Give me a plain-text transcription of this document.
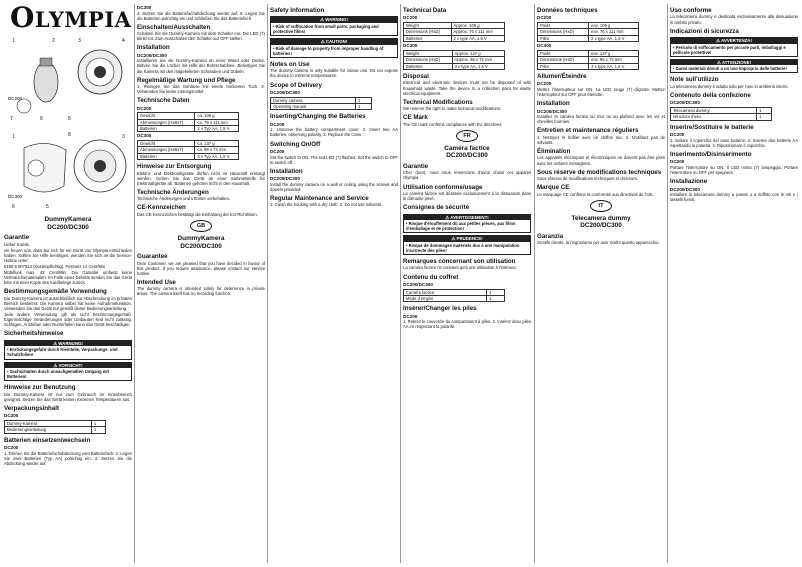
OLYMPIA
1	2	3	4
5
6
7
DC200
1	8	3
6	5
DC300
DummyKamera
DC200/DC300
Garantie

Lieber Kunde,

wir freuen uns, dass Sie sich für ein Gerät von Olympia entschieden haben. Sollten Sie Hilfe benötigen, wenden Sie sich an die Service-Hotline unter:

0180 5 007514 (Kostenpflichtig). Festnetz 14 Cent/Min.

Mobilfunk max. 42 Cent/Min. Die Garantie umfasst keine Verbrauchsmaterialien. Im Falle eines Defekts senden Sie das Gerät bitte mit einer Kopie des Kaufbelegs zurück.

Bestimmungsgemäße Verwendung

Die Dummy-Kamera ist ausschließlich zur Abschreckung im privaten Bereich bestimmt. Die Kamera selbst hat keine Aufnahmefunktion. Verwenden Sie das Gerät nur gemäß dieser Bedienungsanleitung.

Jede andere Verwendung gilt als nicht bestimmungsgemäß. Eigenmächtige Veränderungen oder Umbauten sind nicht zulässig. Schlagen, Anstoßen oder Runterfallen kann das Gerät beschädigen.

Sicherheitshinweise
⚠ WARNUNG!
• Erstickungsgefahr durch Kleinteile, Verpackungs- und Schutzfolien!
⚠ VORSICHT!
• Sachschäden durch unsachgemäßen Umgang mit Batterien!
Hinweise zur Benutzung

Die Dummy-Kamera ist nur zum Gebrauch im Innenbereich geeignet. Setzen Sie das Gerät keinen extremen Temperaturen aus.

Verpackungsinhalt
DC200
Dummy-Kamera	1
Bedienungsanleitung	1
Batterien einsetzen/wechseln
DC200

1. Drehen Sie die Batteriefachabdeckung vom Batteriefach. 2. Legen Sie zwei Batterien (Typ AA) polrichtig ein. 3. Setzen Sie die Abdeckung wieder auf.

DC300

4. Setzen Sie die Batteriefachabdeckung wieder auf. 5. Legen Sie die Batterien polrichtig ein und schließen Sie das Batteriefach.

Einschalten/Ausschalten

Schalten Sie die Dummy-Kamera mit dem Schalter ein. Die LED (7) blinkt rot. Zum Ausschalten den Schalter auf OFF stellen.

Installation
DC200/DC300

Installieren Sie die Dummy-Kamera an einer Wand oder Decke. Bohren Sie die Löcher mit Hilfe der Bohrschablone. Befestigen Sie die Kamera mit den mitgelieferten Schrauben und Dübeln.

Regelmäßige Wartung und Pflege

1. Reinigen Sie das Gehäuse mit einem trockenen Tuch. 2. Verwenden Sie keine Lösungsmittel.

Technische Daten
DC200
Gewicht	ca. 109 g
Abmessungen (HxBxT)	ca. 76 x 111 mm
Batterien	2 x Typ AA, 1,5 V
DC300
Gewicht	ca. 137 g
Abmessungen (HxBxT)	ca. 96 x 72 mm
Batterien	3 x Typ AA, 1,5 V
Hinweise zur Entsorgung

Elektro- und Elektronikgeräte dürfen nicht im Hausmüll entsorgt werden. Geben Sie das Gerät an einer Sammelstelle für Elektroaltgeräte ab. Batterien gehören nicht in den Hausmüll.

Technische Änderungen

Technische Änderungen und Irrtümer vorbehalten.

CE-Kennzeichen

Das CE-Kennzeichen bestätigt die Einhaltung der EU-Richtlinien.

GB
DummyKamera
DC200/DC300
Guarantee

Dear Customer, we are pleased that you have decided in favour of this product. If you require assistance, please contact our service hotline.

Intended Use

The dummy camera is intended solely for deterrence in private areas. The camera itself has no recording function.

Safety Information
⚠ WARNING!
• Risk of suffocation from small parts, packaging and protective films!
⚠ CAUTION!
• Risk of damage to property from improper handling of batteries!
Notes on Use

The dummy camera is only suitable for indoor use. Do not expose the device to extreme temperatures.

Scope of Delivery
DC200/DC300
Dummy camera	1
Operating manual	1
Inserting/Changing the Batteries
DC200

1. Unscrew the battery compartment cover. 2. Insert two AA batteries, observing polarity. 3. Replace the cover.

Switching On/Off
DC200

Set the switch to ON. The red LED (7) flashes. Set the switch to OFF to switch off.

Installation
DC200/DC300

Install the dummy camera on a wall or ceiling using the screws and dowels provided.

Regular Maintenance and Service

1. Clean the housing with a dry cloth. 2. Do not use solvents.

Technical Data
DC200
Weight	Approx. 109 g
Dimensions (HxD)	Approx. 76 x 111 mm
Batteries	2 x type AA, 1.5 V
DC300
Weight	Approx. 137 g
Dimensions (HxD)	Approx. 96 x 72 mm
Batteries	3 x type AA, 1.5 V
Disposal

Electrical and electronic devices must not be disposed of with household waste. Take the device to a collection point for waste electrical equipment.

Technical Modifications

We reserve the right to make technical modifications.

CE Mark

The CE mark confirms compliance with EU directives.

FR
Caméra factice
DC200/DC300
Garantie

Cher client, nous vous remercions d'avoir choisi cet appareil Olympia.

Utilisation conforme/usage

La caméra factice est destinée exclusivement à la dissuasion dans le domaine privé.

Consignes de sécurité
⚠ AVERTISSEMENT!
• Risque d'étouffement dû aux petites pièces, aux films d'emballage et de protection!
⚠ PRUDENCE!
• Risque de dommages matériels dus à une manipulation incorrecte des piles!
Remarques concernant son utilisation

La caméra factice ne convient qu'à une utilisation à l'intérieur.

Contenu du coffret
DC200/DC300
Caméra factice	1
Mode d'emploi	1
Insérer/Changer les piles
DC200

1. Retirez le couvercle du compartiment à piles. 2. Insérez deux piles AA en respectant la polarité.

Données techniques
DC200
Poids	env. 109 g
Dimensions (HxD)	env. 76 x 111 mm
Piles	2 x type AA, 1,5 V
DC300
Poids	env. 137 g
Dimensions (HxD)	env. 96 x 72 mm
Piles	3 x type AA, 1,5 V
Allumer/Éteindre
DC200

Mettez l'interrupteur sur ON. La LED rouge (7) clignote. Mettez l'interrupteur sur OFF pour éteindre.

Installation
DC200/DC300

Installez la caméra factice au mur ou au plafond avec les vis et chevilles fournies.

Entretien et maintenance réguliers

1. Nettoyez le boîtier avec un chiffon sec. 2. N'utilisez pas de solvants.

Élimination

Les appareils électriques et électroniques ne doivent pas être jetés avec les ordures ménagères.

Sous réserve de modifications techniques

Sous réserve de modifications techniques et d'erreurs.

Marque CE

Le marquage CE confirme la conformité aux directives de l'UE.

IT
Telecamera dummy
DC200/DC300
Garanzia

Gentile cliente, la ringraziamo per aver scelto questo apparecchio.

Uso conforme

La telecamera dummy è destinata esclusivamente alla dissuasione in ambito privato.

Indicazioni di sicurezza
⚠ AVVERTENZA!
• Pericolo di soffocamento per piccole parti, imballaggi e pellicole protettive!
⚠ ATTENZIONE!
• Danni materiali dovuti a un uso improprio delle batterie!
Note sull'utilizzo

La telecamera dummy è adatta solo per l'uso in ambienti interni.

Contenuto della confezione
DC200/DC300
Telecamera dummy	1
Istruzioni d'uso	1
Inserire/Sostituire le batterie
DC200

1. Svitare il coperchio del vano batterie. 2. Inserire due batterie AA rispettando la polarità. 3. Riposizionare il coperchio.

Inserimento/Disinserimento
DC200

Portare l'interruttore su ON. Il LED rosso (7) lampeggia. Portare l'interruttore su OFF per spegnere.

Installazione
DC200/DC300

Installare la telecamera dummy a parete o a soffitto con le viti e i tasselli forniti.
